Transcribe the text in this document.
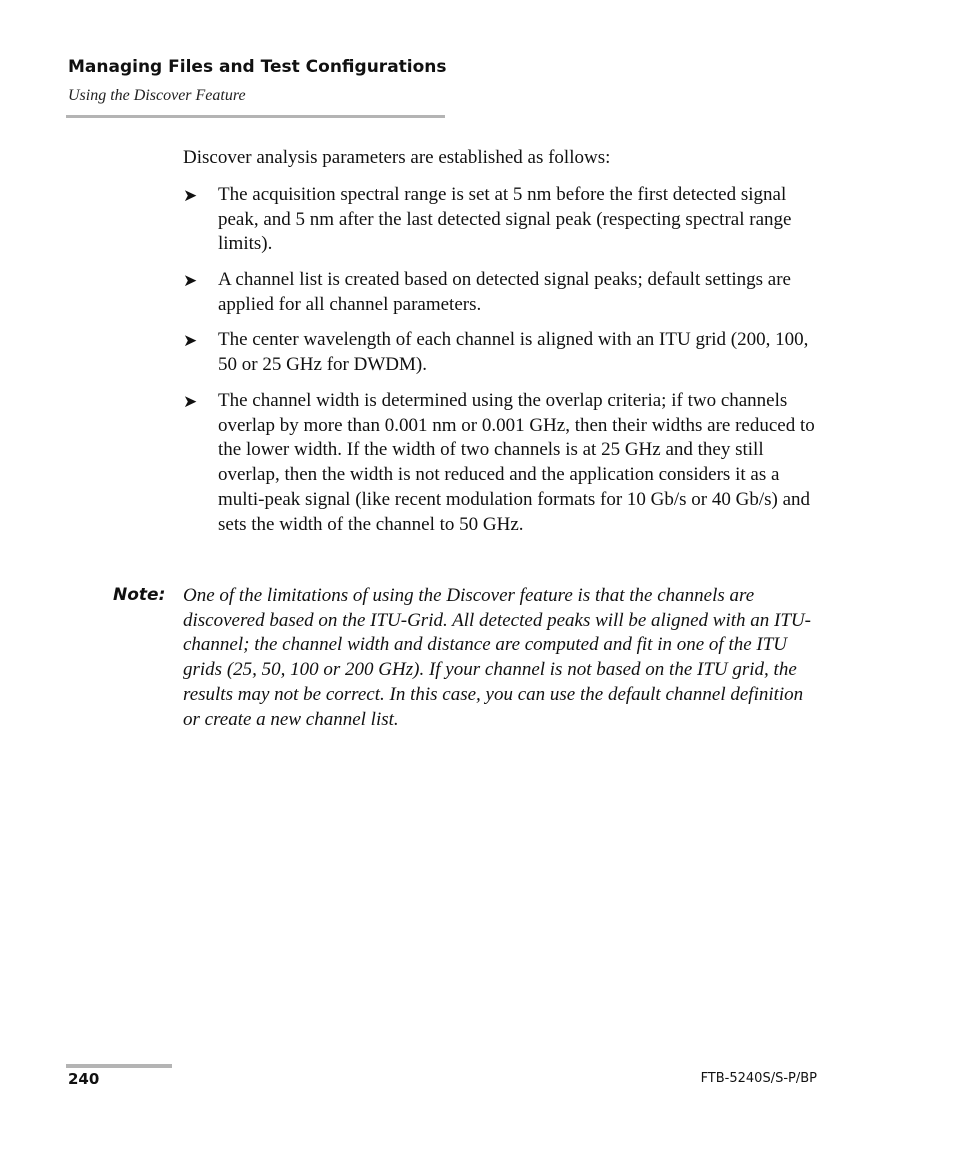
Managing Files and Test Configurations
Using the Discover Feature
Discover analysis parameters are established as follows:
➤ The acquisition spectral range is set at 5 nm before the first detected signal peak, and 5 nm after the last detected signal peak (respecting spectral range limits).
➤ A channel list is created based on detected signal peaks; default settings are applied for all channel parameters.
➤ The center wavelength of each channel is aligned with an ITU grid (200, 100, 50 or 25 GHz for DWDM).
➤ The channel width is determined using the overlap criteria; if two channels overlap by more than 0.001 nm or 0.001 GHz, then their widths are reduced to the lower width. If the width of two channels is at 25 GHz and they still overlap, then the width is not reduced and the application considers it as a multi-peak signal (like recent modulation formats for 10 Gb/s or 40 Gb/s) and sets the width of the channel to 50 GHz.
Note: One of the limitations of using the Discover feature is that the channels are discovered based on the ITU-Grid. All detected peaks will be aligned with an ITU-channel; the channel width and distance are computed and fit in one of the ITU grids (25, 50, 100 or 200 GHz). If your channel is not based on the ITU grid, the results may not be correct. In this case, you can use the default channel definition or create a new channel list.
240	FTB-5240S/S-P/BP
